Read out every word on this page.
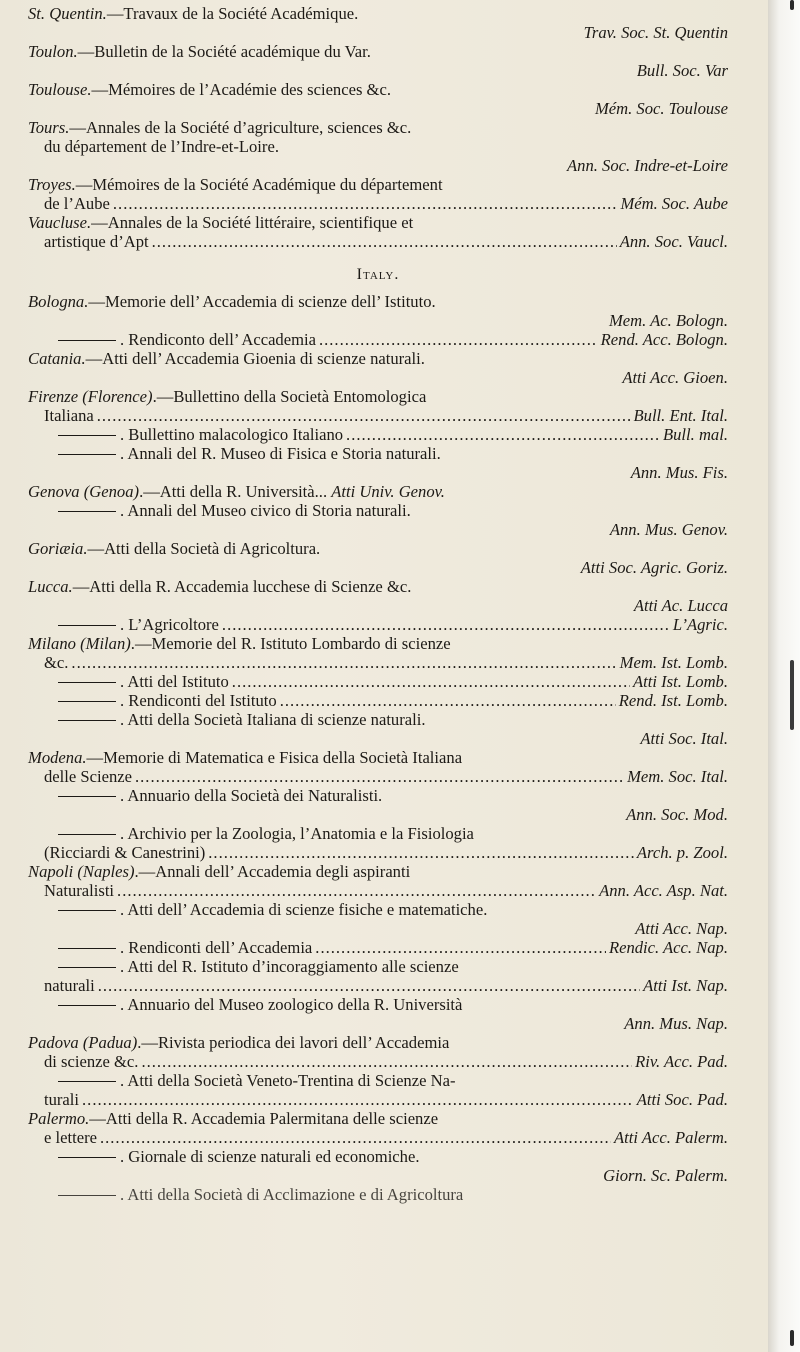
St. Quentin.—Travaux de la Société Académique.
Trav. Soc. St. Quentin
Toulon.—Bulletin de la Société académique du Var.
Bull. Soc. Var
Toulouse.—Mémoires de l’Académie des sciences &c.
Mém. Soc. Toulouse
Tours.—Annales de la Société d’agriculture, sciences &c.
du département de l’Indre-et-Loire.
Ann. Soc. Indre-et-Loire
Troyes.—Mémoires de la Société Académique du département
de l’Aube .....	Mém. Soc. Aube
Vaucluse.—Annales de la Société littéraire, scientifique et
artistique d’Apt .....	Ann. Soc. Vaucl.
Italy.
Bologna.—Memorie dell’ Accademia di scienze dell’ Istituto.
Mem. Ac. Bologn.
. Rendiconto dell’ Accademia .....	Rend. Acc. Bologn.
Catania.—Atti dell’ Accademia Gioenia di scienze naturali.
Atti Acc. Gioen.
Firenze (Florence).—Bullettino della Società Entomologica
Italiana .....	Bull. Ent. Ital.
. Bullettino malacologico Italiano .....	Bull. mal.
. Annali del R. Museo di Fisica e Storia naturali.
Ann. Mus. Fis.
Genova (Genoa).—Atti della R. Università... Atti Univ. Genov.
. Annali del Museo civico di Storia naturali.
Ann. Mus. Genov.
Goriæia.—Atti della Società di Agricoltura.
Atti Soc. Agric. Goriz.
Lucca.—Atti della R. Accademia lucchese di Scienze &c.
Atti Ac. Lucca
. L’Agricoltore .....	L’Agric.
Milano (Milan).—Memorie del R. Istituto Lombardo di scienze
&c. .....	Mem. Ist. Lomb.
. Atti del Istituto .....	Atti Ist. Lomb.
. Rendiconti del Istituto .....	Rend. Ist. Lomb.
. Atti della Società Italiana di scienze naturali.
Atti Soc. Ital.
Modena.—Memorie di Matematica e Fisica della Società Italiana
delle Scienze .....	Mem. Soc. Ital.
. Annuario della Società dei Naturalisti.
Ann. Soc. Mod.
. Archivio per la Zoologia, l’Anatomia e la Fisiologia
(Ricciardi & Canestrini) .....	Arch. p. Zool.
Napoli (Naples).—Annali dell’ Accademia degli aspiranti
Naturalisti .....	Ann. Acc. Asp. Nat.
. Atti dell’ Accademia di scienze fisiche e matematiche.
Atti Acc. Nap.
. Rendiconti dell’ Accademia .....	Rendic. Acc. Nap.
. Atti del R. Istituto d’incoraggiamento alle scienze
naturali .....	Atti Ist. Nap.
. Annuario del Museo zoologico della R. Università
Ann. Mus. Nap.
Padova (Padua).—Rivista periodica dei lavori dell’ Accademia
di scienze &c. .....	Riv. Acc. Pad.
. Atti della Società Veneto-Trentina di Scienze Na-
turali .....	Atti Soc. Pad.
Palermo.—Atti della R. Accademia Palermitana delle scienze
e lettere .....	Atti Acc. Palerm.
. Giornale di scienze naturali ed economiche.
Giorn. Sc. Palerm.
. Atti della Società di Acclimazione e di Agricoltura
